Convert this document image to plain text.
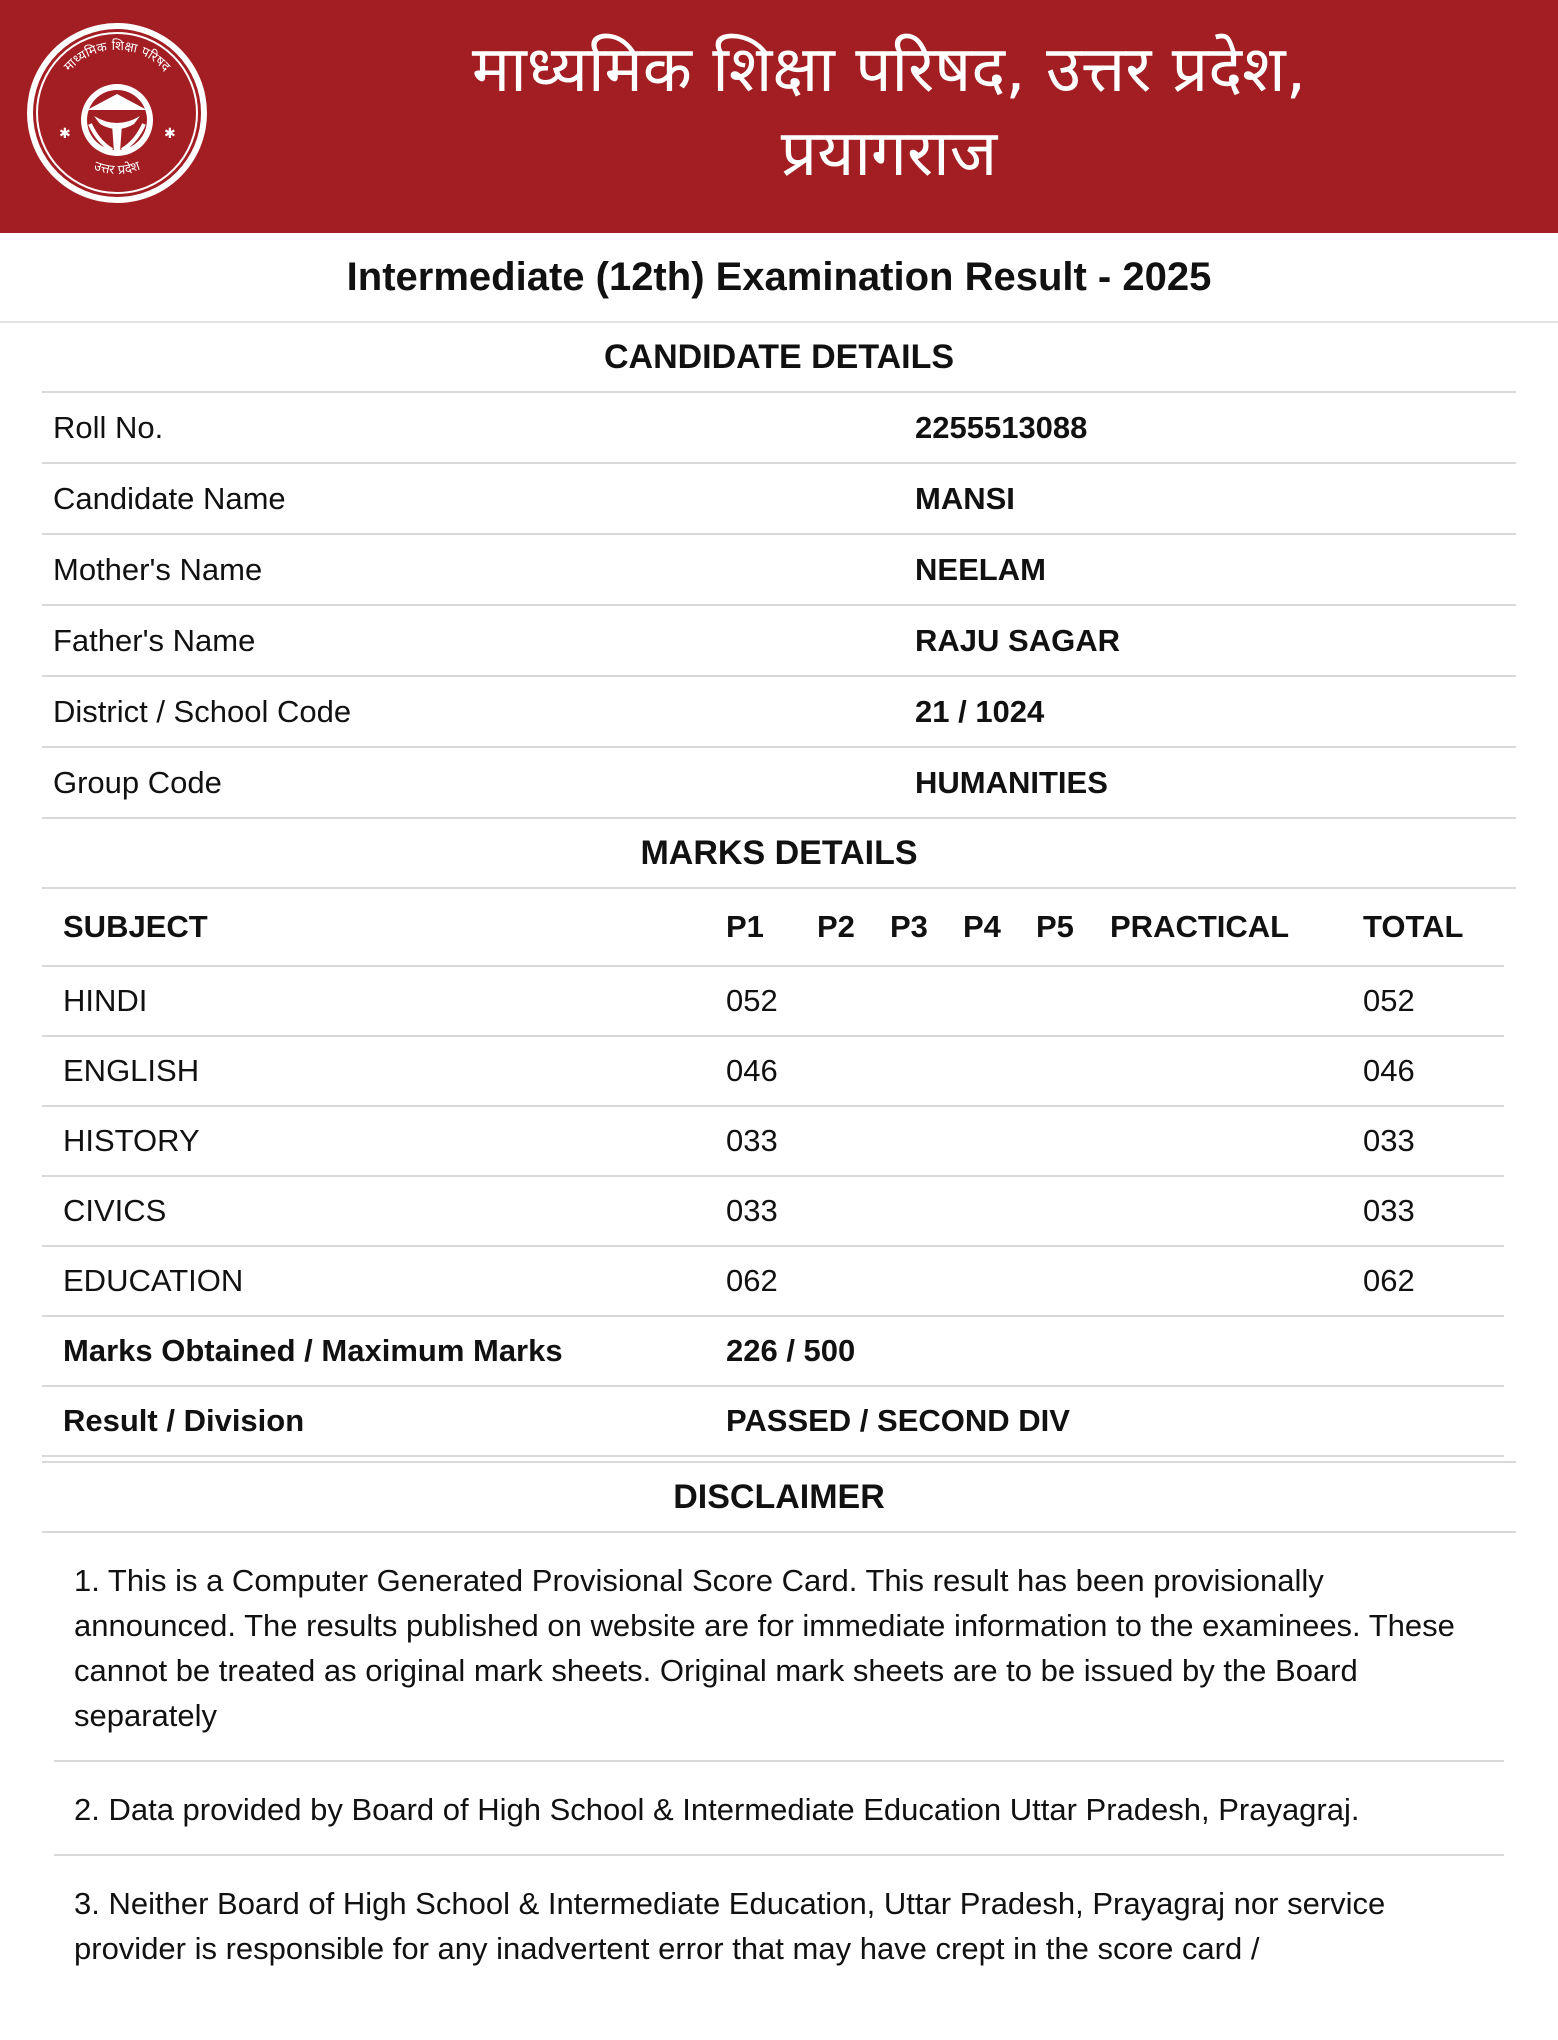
माध्यमिक शिक्षा परिषद
उत्तर प्रदेश
✱	✱
माध्यमिक शिक्षा परिषद, उत्तर प्रदेश,
प्रयागराज
Intermediate (12th) Examination Result - 2025
CANDIDATE DETAILS
Roll No.	2255513088
Candidate Name	MANSI
Mother's Name	NEELAM
Father's Name	RAJU SAGAR
District / School Code	21 / 1024
Group Code	HUMANITIES
MARKS DETAILS
SUBJECT	P1	P2	P3	P4	P5	PRACTICAL	TOTAL
HINDI	052						052
ENGLISH	046						046
HISTORY	033						033
CIVICS	033						033
EDUCATION	062						062
Marks Obtained / Maximum Marks	226 / 500						
Result / Division	PASSED / SECOND DIV						
DISCLAIMER
1. This is a Computer Generated Provisional Score Card. This result has been provisionally announced. The results published on website are for immediate information to the examinees. These cannot be treated as original mark sheets. Original mark sheets are to be issued by the Board separately
2. Data provided by Board of High School & Intermediate Education Uttar Pradesh, Prayagraj.
3. Neither Board of High School & Intermediate Education, Uttar Pradesh, Prayagraj nor service provider is responsible for any inadvertent error that may have crept in the score card /
